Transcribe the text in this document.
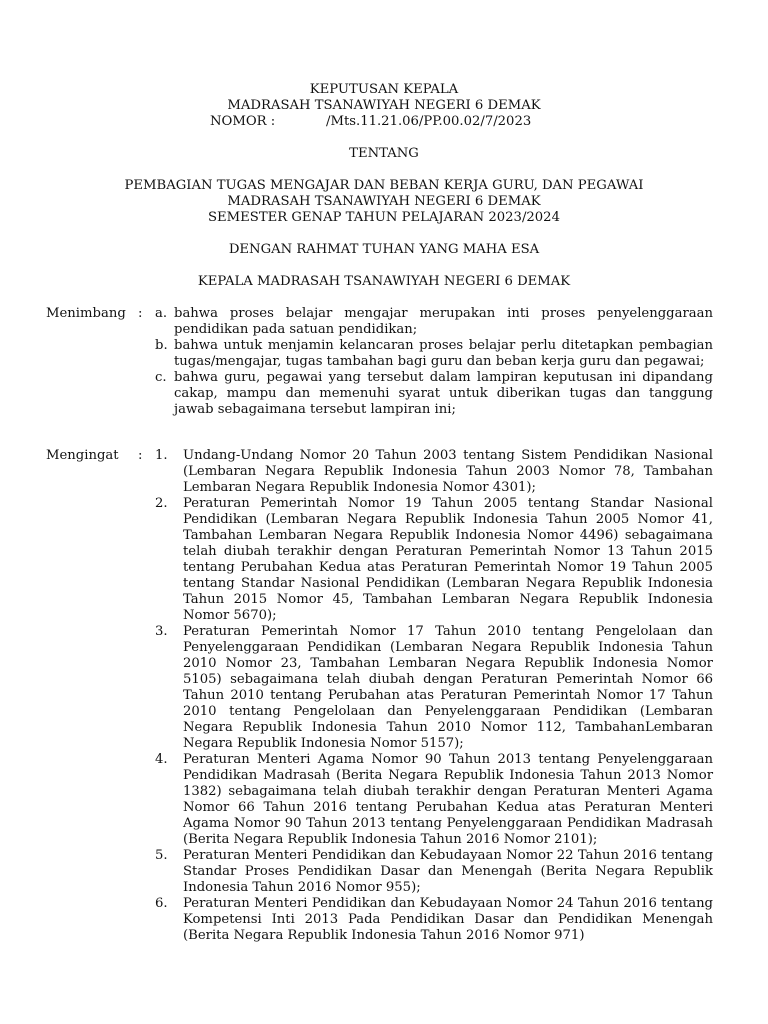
KEPUTUSAN KEPALA
MADRASAH TSANAWIYAH NEGERI 6 DEMAK
NOMOR :	/Mts.11.21.06/PP.00.02/7/2023
TENTANG
PEMBAGIAN TUGAS MENGAJAR DAN BEBAN KERJA GURU, DAN PEGAWAI
MADRASAH TSANAWIYAH NEGERI 6 DEMAK
SEMESTER GENAP TAHUN PELAJARAN 2023/2024
DENGAN RAHMAT TUHAN YANG MAHA ESA
KEPALA MADRASAH TSANAWIYAH NEGERI 6 DEMAK
Menimbang : a. bahwa proses belajar mengajar merupakan inti proses penyelenggaraan pendidikan pada satuan pendidikan;
b. bahwa untuk menjamin kelancaran proses belajar perlu ditetapkan pembagian tugas/mengajar, tugas tambahan bagi guru dan beban kerja guru dan pegawai;
c. bahwa guru, pegawai yang tersebut dalam lampiran keputusan ini dipandang cakap, mampu dan memenuhi syarat untuk diberikan tugas dan tanggung jawab sebagaimana tersebut lampiran ini;
Mengingat : 1. Undang-Undang Nomor 20 Tahun 2003 tentang Sistem Pendidikan Nasional (Lembaran Negara Republik Indonesia Tahun 2003 Nomor 78, Tambahan Lembaran Negara Republik Indonesia Nomor 4301);
2. Peraturan Pemerintah Nomor 19 Tahun 2005 tentang Standar Nasional Pendidikan (Lembaran Negara Republik Indonesia Tahun 2005 Nomor 41, Tambahan Lembaran Negara Republik Indonesia Nomor 4496) sebagaimana telah diubah terakhir dengan Peraturan Pemerintah Nomor 13 Tahun 2015 tentang Perubahan Kedua atas Peraturan Pemerintah Nomor 19 Tahun 2005 tentang Standar Nasional Pendidikan (Lembaran Negara Republik Indonesia Tahun 2015 Nomor 45, Tambahan Lembaran Negara Republik Indonesia Nomor 5670);
3. Peraturan Pemerintah Nomor 17 Tahun 2010 tentang Pengelolaan dan Penyelenggaraan Pendidikan (Lembaran Negara Republik Indonesia Tahun 2010 Nomor 23, Tambahan Lembaran Negara Republik Indonesia Nomor 5105) sebagaimana telah diubah dengan Peraturan Pemerintah Nomor 66 Tahun 2010 tentang Perubahan atas Peraturan Pemerintah Nomor 17 Tahun 2010 tentang Pengelolaan dan Penyelenggaraan Pendidikan (Lembaran Negara Republik Indonesia Tahun 2010 Nomor 112, TambahanLembaran Negara Republik Indonesia Nomor 5157);
4. Peraturan Menteri Agama Nomor 90 Tahun 2013 tentang Penyelenggaraan Pendidikan Madrasah (Berita Negara Republik Indonesia Tahun 2013 Nomor 1382) sebagaimana telah diubah terakhir dengan Peraturan Menteri Agama Nomor 66 Tahun 2016 tentang Perubahan Kedua atas Peraturan Menteri Agama Nomor 90 Tahun 2013 tentang Penyelenggaraan Pendidikan Madrasah (Berita Negara Republik Indonesia Tahun 2016 Nomor 2101);
5. Peraturan Menteri Pendidikan dan Kebudayaan Nomor 22 Tahun 2016 tentang Standar Proses Pendidikan Dasar dan Menengah (Berita Negara Republik Indonesia Tahun 2016 Nomor 955);
6. Peraturan Menteri Pendidikan dan Kebudayaan Nomor 24 Tahun 2016 tentang Kompetensi Inti 2013 Pada Pendidikan Dasar dan Pendidikan Menengah (Berita Negara Republik Indonesia Tahun 2016 Nomor 971)
